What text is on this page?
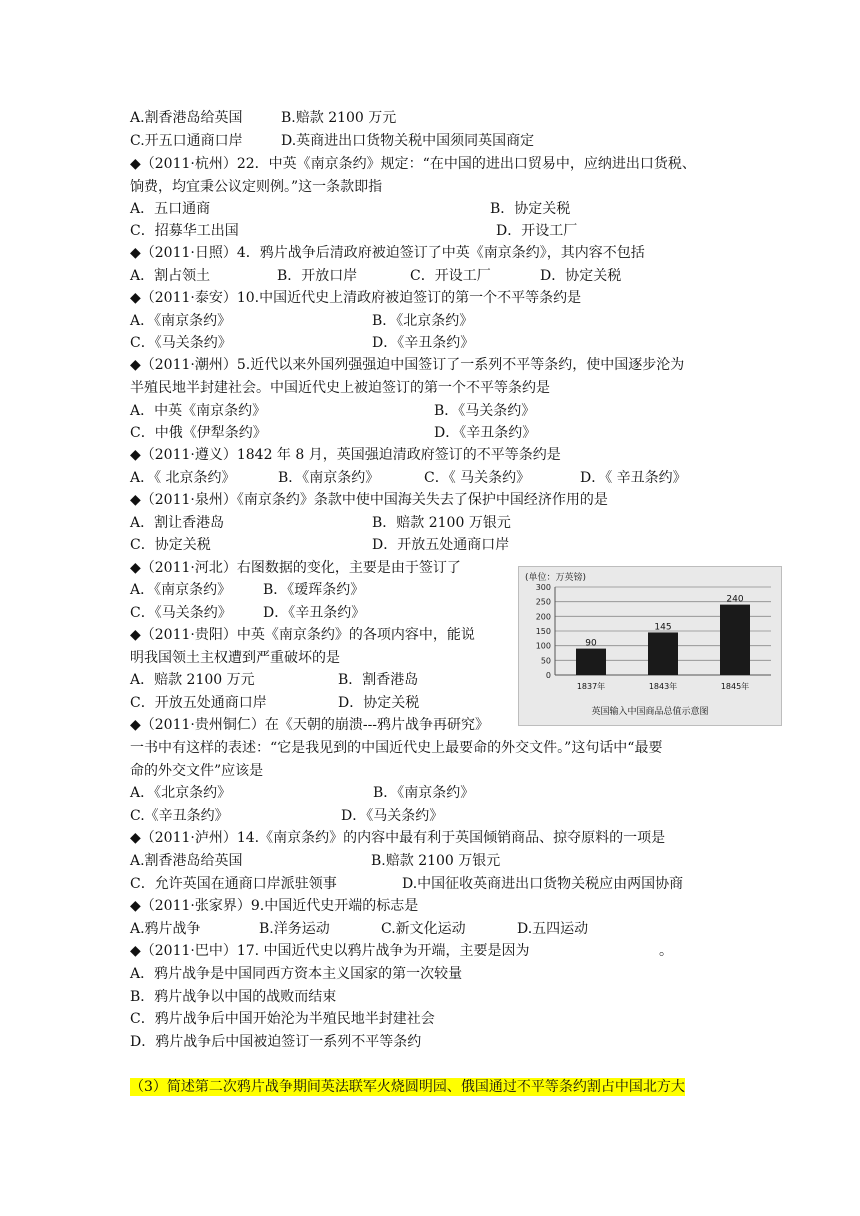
A.割香港岛给英国	B.赔款 2100 万元
C.开五口通商口岸	D.英商进出口货物关税中国须同英国商定
◆（2011·杭州）22．中英《南京条约》规定：“在中国的进出口贸易中，应纳进出口货税、
饷费，均宜秉公议定则例。”这一条款即指
A．五口通商	B．协定关税
C．招募华工出国	D．开设工厂
◆（2011·日照）4．鸦片战争后清政府被迫签订了中英《南京条约》，其内容不包括
A．割占领土	B．开放口岸	C．开设工厂	D．协定关税
◆（2011·泰安）10.中国近代史上清政府被迫签订的第一个不平等条约是
A．《南京条约》	B．《北京条约》
C．《马关条约》	D．《辛丑条约》
◆（2011·潮州）5.近代以来外国列强强迫中国签订了一系列不平等条约，使中国逐步沦为
半殖民地半封建社会。中国近代史上被迫签订的第一个不平等条约是
A．中英《南京条约》	B．《马关条约》
C．中俄《伊犁条约》	D．《辛丑条约》
◆（2011·遵义）1842 年 8 月，英国强迫清政府签订的不平等条约是
A．《 北京条约》	B．《南京条约》	C．《 马关条约》	D．《 辛丑条约》
◆（2011·泉州）《南京条约》条款中使中国海关失去了保护中国经济作用的是
A．割让香港岛	B．赔款 2100 万银元
C．协定关税	D．开放五处通商口岸
◆（2011·河北）右图数据的变化，主要是由于签订了
A．《南京条约》 B．《瑷珲条约》
C．《马关条约》 D．《辛丑条约》
◆（2011·贵阳）中英《南京条约》的各项内容中，能说
明我国领土主权遭到严重破坏的是
A．赔款 2100 万元	B．割香港岛
C．开放五处通商口岸	D．协定关税
◆（2011·贵州铜仁）在《天朝的崩溃---鸦片战争再研究》
一书中有这样的表述：“它是我见到的中国近代史上最要命的外交文件。”这句话中“最要
命的外交文件”应该是
A．《北京条约》	B．《南京条约》
C.《辛丑条约》	D．《马关条约》
◆（2011·泸州）14.《南京条约》的内容中最有利于英国倾销商品、掠夺原料的一项是
A.割香港岛给英国	B.赔款 2100 万银元
C．允许英国在通商口岸派驻领事	D.中国征收英商进出口货物关税应由两国协商
◆（2011·张家界）9.中国近代史开端的标志是
A.鸦片战争	B.洋务运动	C.新文化运动	D.五四运动
◆（2011·巴中）17. 中国近代史以鸦片战争为开端，主要是因为	。
A．鸦片战争是中国同西方资本主义国家的第一次较量
B．鸦片战争以中国的战败而结束
C．鸦片战争后中国开始沦为半殖民地半封建社会
D．鸦片战争后中国被迫签订一系列不平等条约
（3）简述第二次鸦片战争期间英法联军火烧圆明园、俄国通过不平等条约割占中国北方大
(单位：万英镑)
0
50
100
150
200
250
300
90
1837年
145
1843年
240
1845年
英国输入中国商品总值示意图
